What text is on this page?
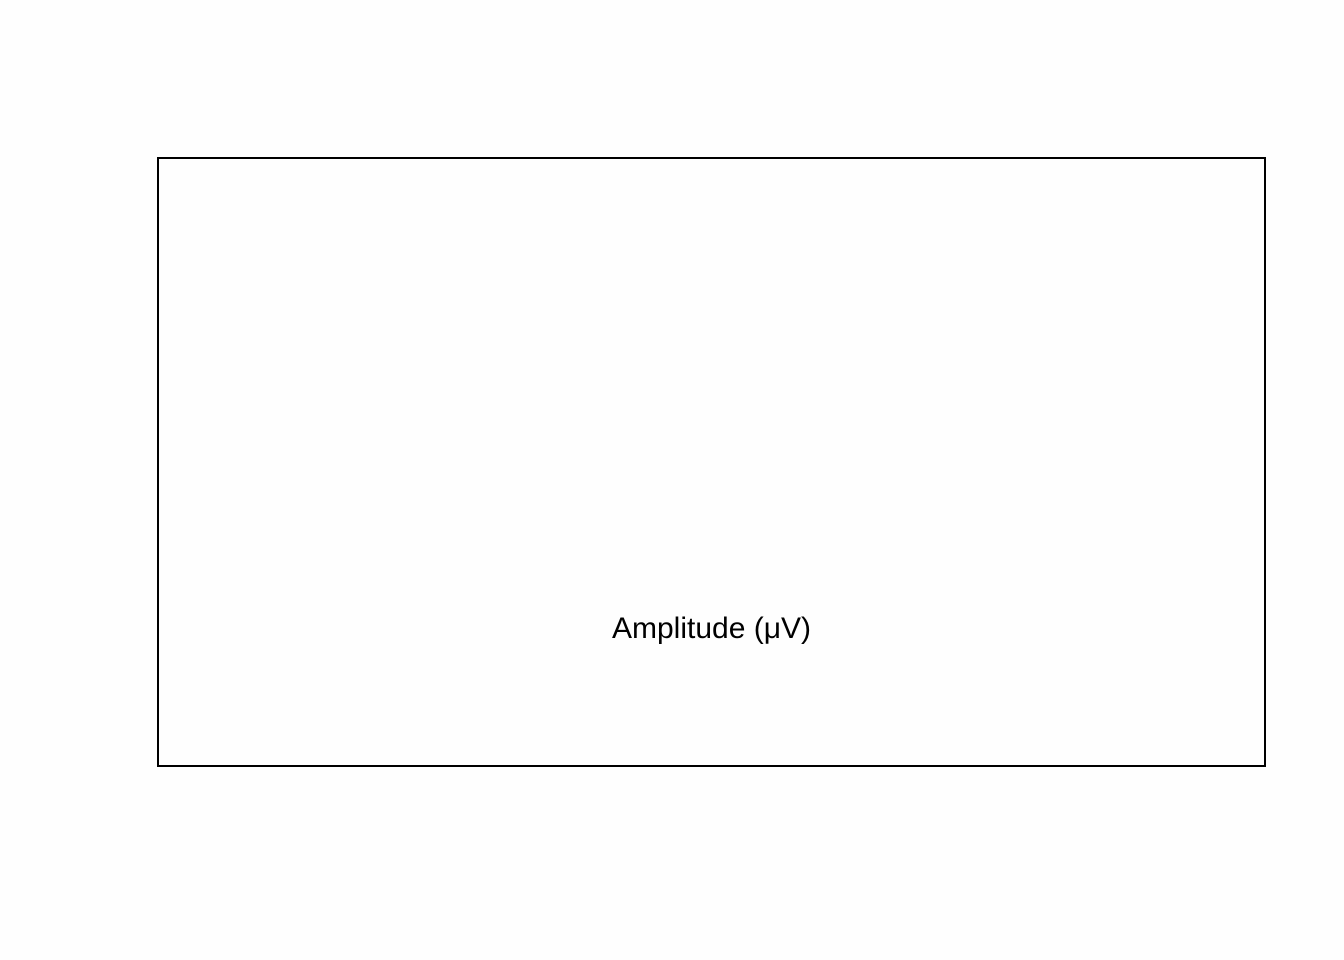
Amplitude (μV)
